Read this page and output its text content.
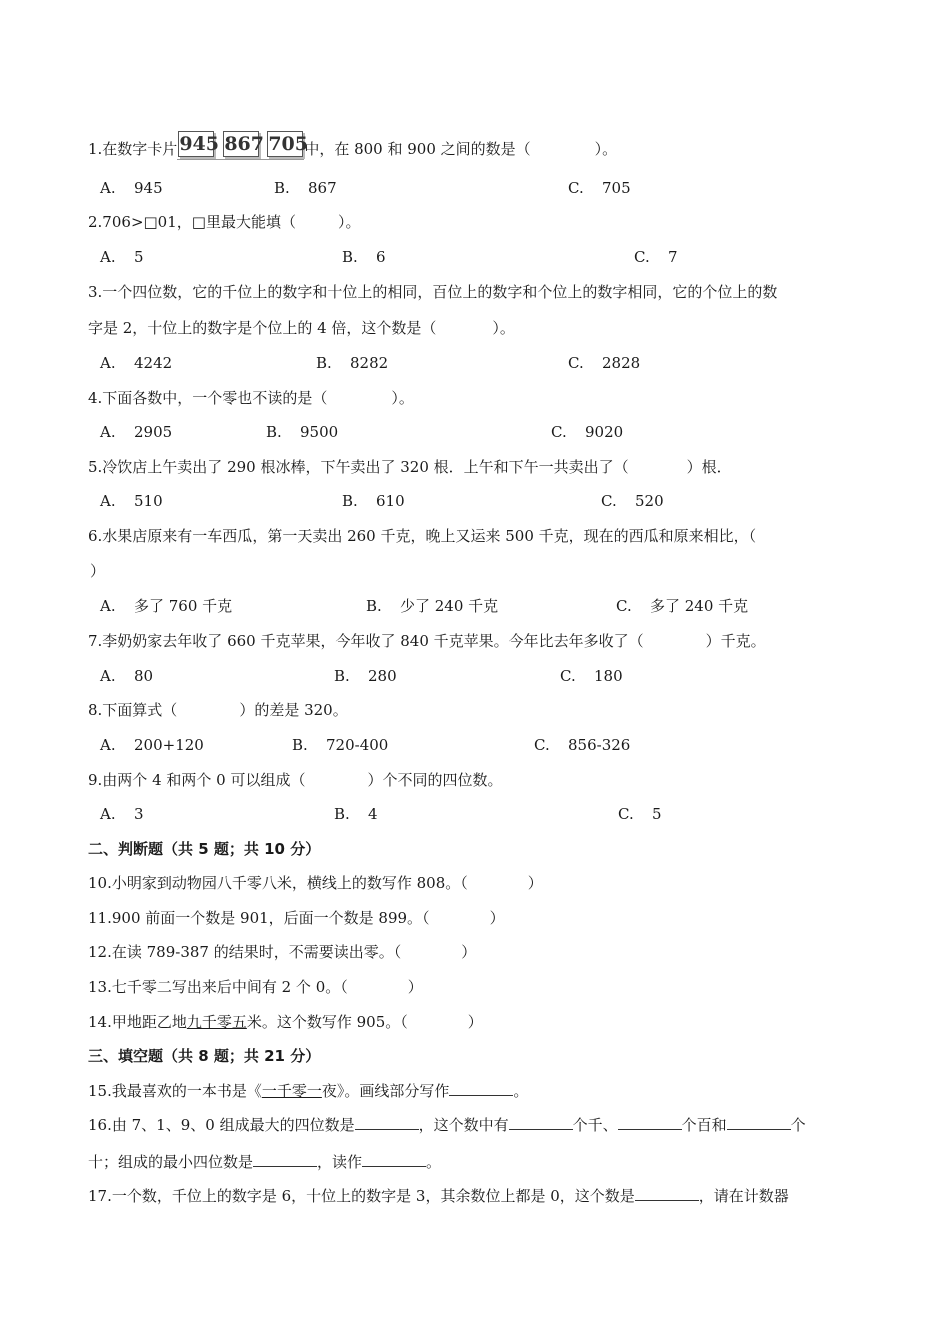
1.在数字卡片 945 867 705
中，在 800 和 900 之间的数是（	）。
A. 945	B. 867	C. 705
2.706>□01，□里最大能填（	）。
A. 5	B. 6	C. 7
3.一个四位数，它的千位上的数字和十位上的相同，百位上的数字和个位上的数字相同，它的个位上的数
字是 2，十位上的数字是个位上的 4 倍，这个数是（	）。
A. 4242	B. 8282	C. 2828
4.下面各数中，一个零也不读的是（	）。
A. 2905	B. 9500	C. 9020
5.冷饮店上午卖出了 290 根冰棒，下午卖出了 320 根．上午和下午一共卖出了（	）根．
A. 510	B. 610	C. 520
6.水果店原来有一车西瓜，第一天卖出 260 千克，晚上又运来 500 千克，现在的西瓜和原来相比，（
）
A. 多了 760 千克	B. 少了 240 千克	C. 多了 240 千克
7.李奶奶家去年收了 660 千克苹果，今年收了 840 千克苹果。今年比去年多收了（	）千克。
A. 80	B. 280	C. 180
8.下面算式（	）的差是 320。
A. 200+120	B. 720-400	C. 856-326
9.由两个 4 和两个 0 可以组成（	）个不同的四位数。
A. 3	B. 4	C. 5
二、判断题（共 5 题；共 10 分）
10.小明家到动物园八千零八米，横线上的数写作 808。（	）
11.900 前面一个数是 901，后面一个数是 899。（	）
12.在读 789-387 的结果时，不需要读出零。（	）
13.七千零二写出来后中间有 2 个 0。（	）
14.甲地距乙地九千零五米。这个数写作 905。（	）
三、填空题（共 8 题；共 21 分）
15.我最喜欢的一本书是《一千零一夜》。画线部分写作	。
16.由 7、1、9、0 组成最大的四位数是	，这个数中有	个千、	个百和	个
十；组成的最小四位数是	，读作	。
17.一个数，千位上的数字是 6，十位上的数字是 3，其余数位上都是 0，这个数是	，请在计数器
